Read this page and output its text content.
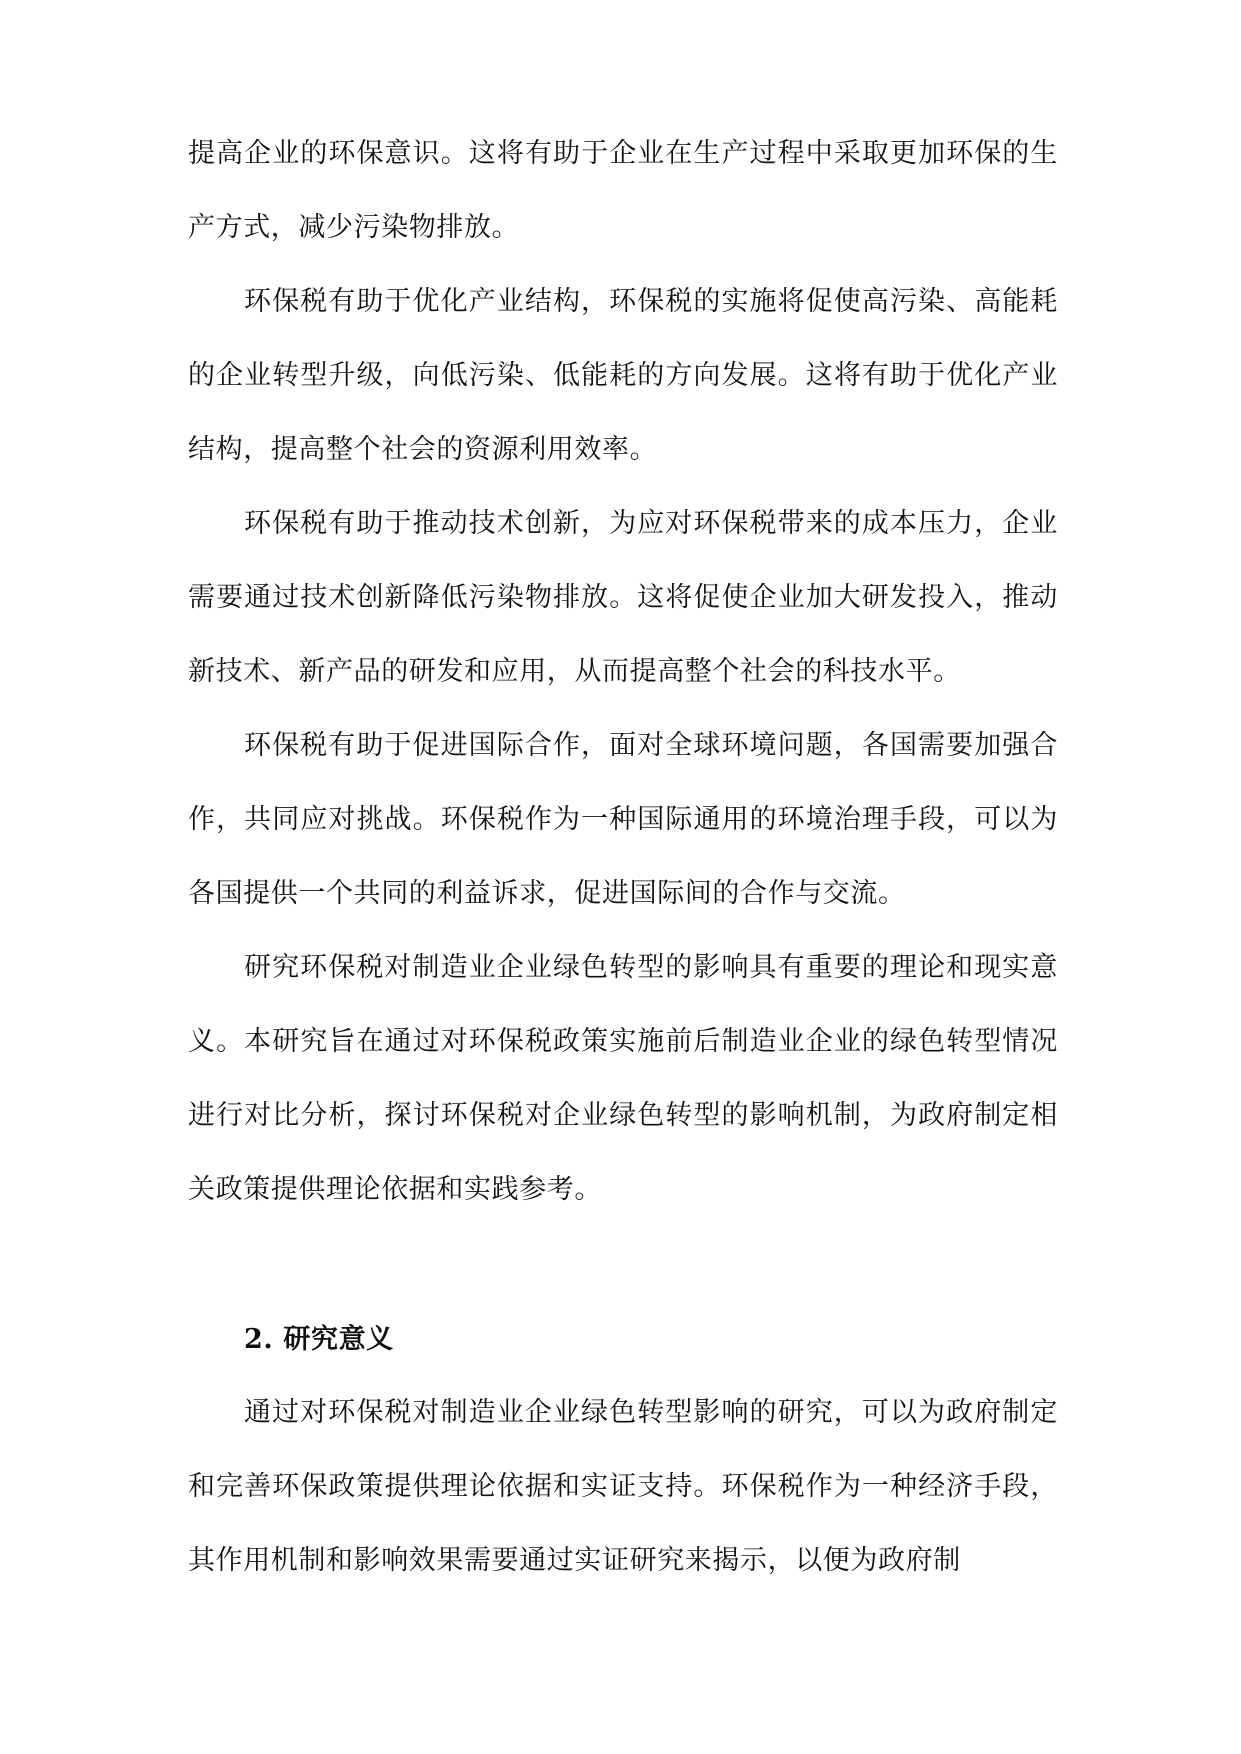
提高企业的环保意识。这将有助于企业在生产过程中采取更加环保的生产方式，减少污染物排放。

环保税有助于优化产业结构，环保税的实施将促使高污染、高能耗的企业转型升级，向低污染、低能耗的方向发展。这将有助于优化产业结构，提高整个社会的资源利用效率。

环保税有助于推动技术创新，为应对环保税带来的成本压力，企业需要通过技术创新降低污染物排放。这将促使企业加大研发投入，推动新技术、新产品的研发和应用，从而提高整个社会的科技水平。

环保税有助于促进国际合作，面对全球环境问题，各国需要加强合作，共同应对挑战。环保税作为一种国际通用的环境治理手段，可以为各国提供一个共同的利益诉求，促进国际间的合作与交流。

研究环保税对制造业企业绿色转型的影响具有重要的理论和现实意义。本研究旨在通过对环保税政策实施前后制造业企业的绿色转型情况进行对比分析，探讨环保税对企业绿色转型的影响机制，为政府制定相关政策提供理论依据和实践参考。

2. 研究意义

通过对环保税对制造业企业绿色转型影响的研究，可以为政府制定和完善环保政策提供理论依据和实证支持。环保税作为一种经济手段，其作用机制和影响效果需要通过实证研究来揭示，以便为政府制
